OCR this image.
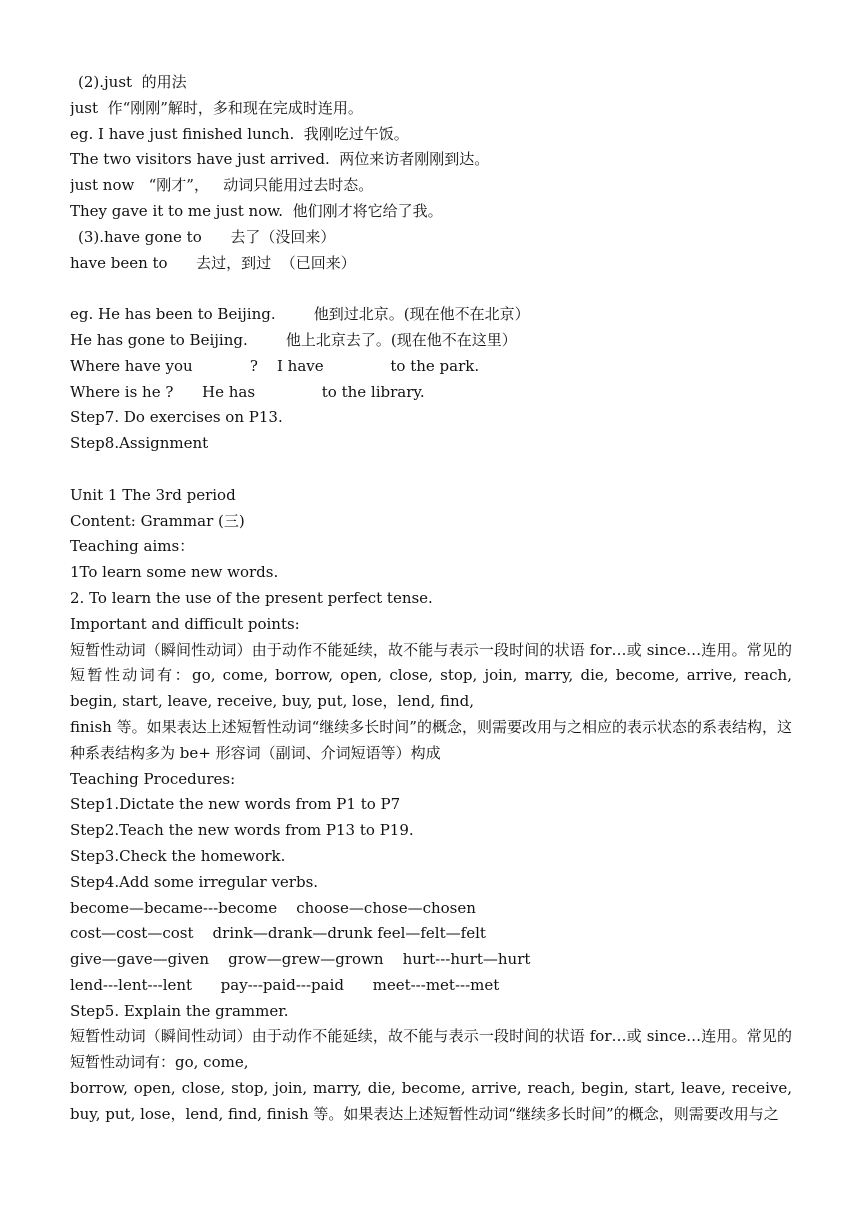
(2).just  的用法
just  作“刚刚”解时，多和现在完成时连用。
eg. I have just finished lunch.  我刚吃过午饭。
The two visitors have just arrived.  两位来访者刚刚到达。
just now   “刚才”，   动词只能用过去时态。
They gave it to me just now.  他们刚才将它给了我。
(3).have gone to      去了（没回来）
have been to      去过，到过  （已回来）
eg. He has been to Beijing.        他到过北京。(现在他不在北京）
He has gone to Beijing.        他上北京去了。(现在他不在这里）
Where have you            ?    I have              to the park.
Where is he ?      He has              to the library.
Step7. Do exercises on P13.
Step8.Assignment
Unit 1 The 3rd period
Content: Grammar (三)
Teaching aims：
1To learn some new words.
2. To learn the use of the present perfect tense.
Important and difficult points:

短暂性动词（瞬间性动词）由于动作不能延续，故不能与表示一段时间的状语 for…或 since…连用。常见的短暂性动词有：go, come, borrow, open, close, stop, join, marry, die, become, arrive, reach, begin, start, leave, receive, buy, put, lose，lend, find,

finish 等。如果表达上述短暂性动词“继续多长时间”的概念，则需要改用与之相应的表示状态的系表结构，这种系表结构多为 be+ 形容词（副词、介词短语等）构成

Teaching Procedures:
Step1.Dictate the new words from P1 to P7
Step2.Teach the new words from P13 to P19.
Step3.Check the homework.
Step4.Add some irregular verbs.
become—became---become    choose—chose—chosen
cost—cost—cost    drink—drank—drunk feel—felt—felt
give—gave—given    grow—grew—grown    hurt---hurt—hurt
lend---lent---lent      pay---paid---paid      meet---met---met
Step5. Explain the grammer.

短暂性动词（瞬间性动词）由于动作不能延续，故不能与表示一段时间的状语 for…或 since…连用。常见的短暂性动词有：go, come,

borrow, open, close, stop, join, marry, die, become, arrive, reach, begin, start, leave, receive, buy, put, lose，lend, find, finish 等。如果表达上述短暂性动词“继续多长时间”的概念，则需要改用与之
